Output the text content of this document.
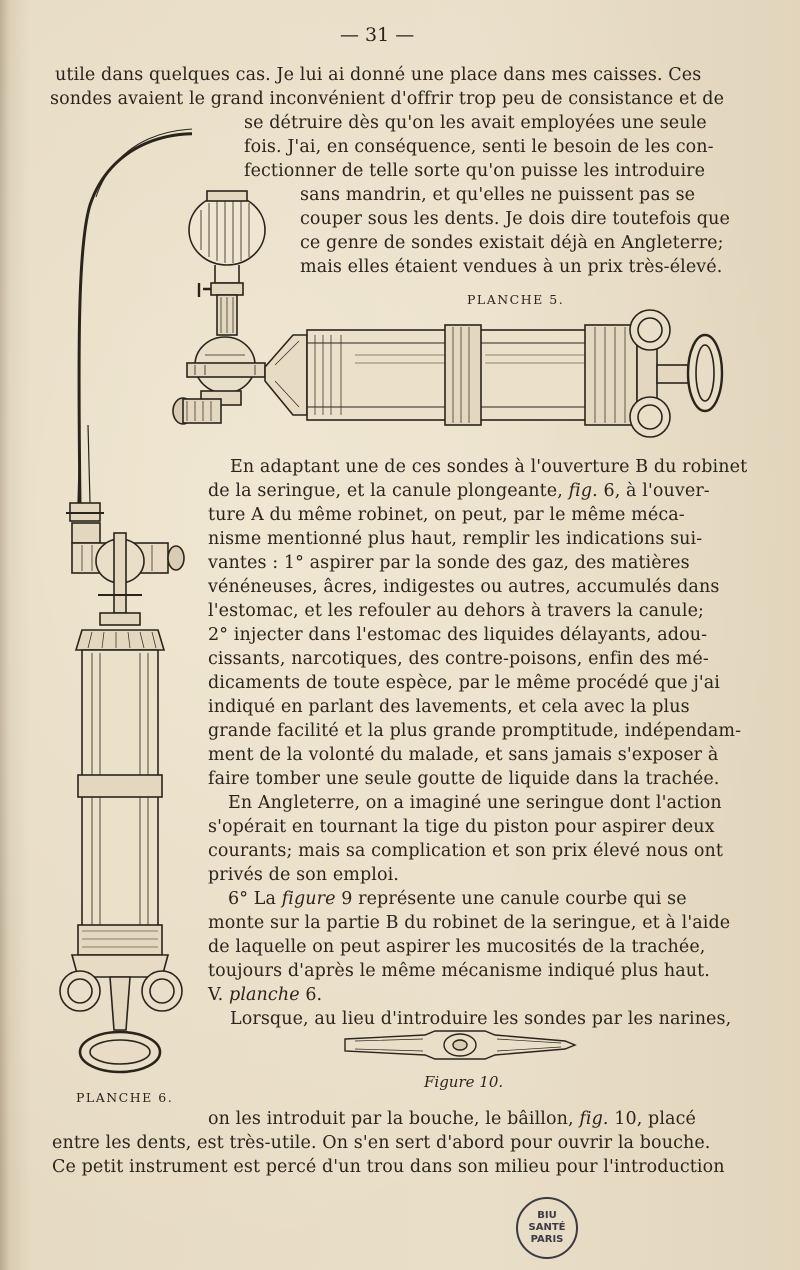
— 31 —
utile dans quelques cas. Je lui ai donné une place dans mes caisses. Ces
sondes avaient le grand inconvénient d'offrir trop peu de consistance et de
se détruire dès qu'on les avait employées une seule
fois. J'ai, en conséquence, senti le besoin de les con-
fectionner de telle sorte qu'on puisse les introduire
sans mandrin, et qu'elles ne puissent pas se
couper sous les dents. Je dois dire toutefois que
ce genre de sondes existait déjà en Angleterre;
mais elles étaient vendues à un prix très-élevé.
PLANCHE 5.
En adaptant une de ces sondes à l'ouverture B du robinet
de la seringue, et la canule plongeante, fig. 6, à l'ouver-
ture A du même robinet, on peut, par le même méca-
nisme mentionné plus haut, remplir les indications sui-
vantes : 1° aspirer par la sonde des gaz, des matières
vénéneuses, âcres, indigestes ou autres, accumulés dans
l'estomac, et les refouler au dehors à travers la canule;
2° injecter dans l'estomac des liquides délayants, adou-
cissants, narcotiques, des contre-poisons, enfin des mé-
dicaments de toute espèce, par le même procédé que j'ai
indiqué en parlant des lavements, et cela avec la plus
grande facilité et la plus grande promptitude, indépendam-
ment de la volonté du malade, et sans jamais s'exposer à
faire tomber une seule goutte de liquide dans la trachée.
En Angleterre, on a imaginé une seringue dont l'action
s'opérait en tournant la tige du piston pour aspirer deux
courants; mais sa complication et son prix élevé nous ont
privés de son emploi.
6° La figure 9 représente une canule courbe qui se
monte sur la partie B du robinet de la seringue, et à l'aide
de laquelle on peut aspirer les mucosités de la trachée,
toujours d'après le même mécanisme indiqué plus haut.
V. planche 6.
Lorsque, au lieu d'introduire les sondes par les narines,
Figure 10.
PLANCHE 6.
on les introduit par la bouche, le bâillon, fig. 10, placé
entre les dents, est très-utile. On s'en sert d'abord pour ouvrir la bouche.
Ce petit instrument est percé d'un trou dans son milieu pour l'introduction
BIU
SANTÉ
PARIS
